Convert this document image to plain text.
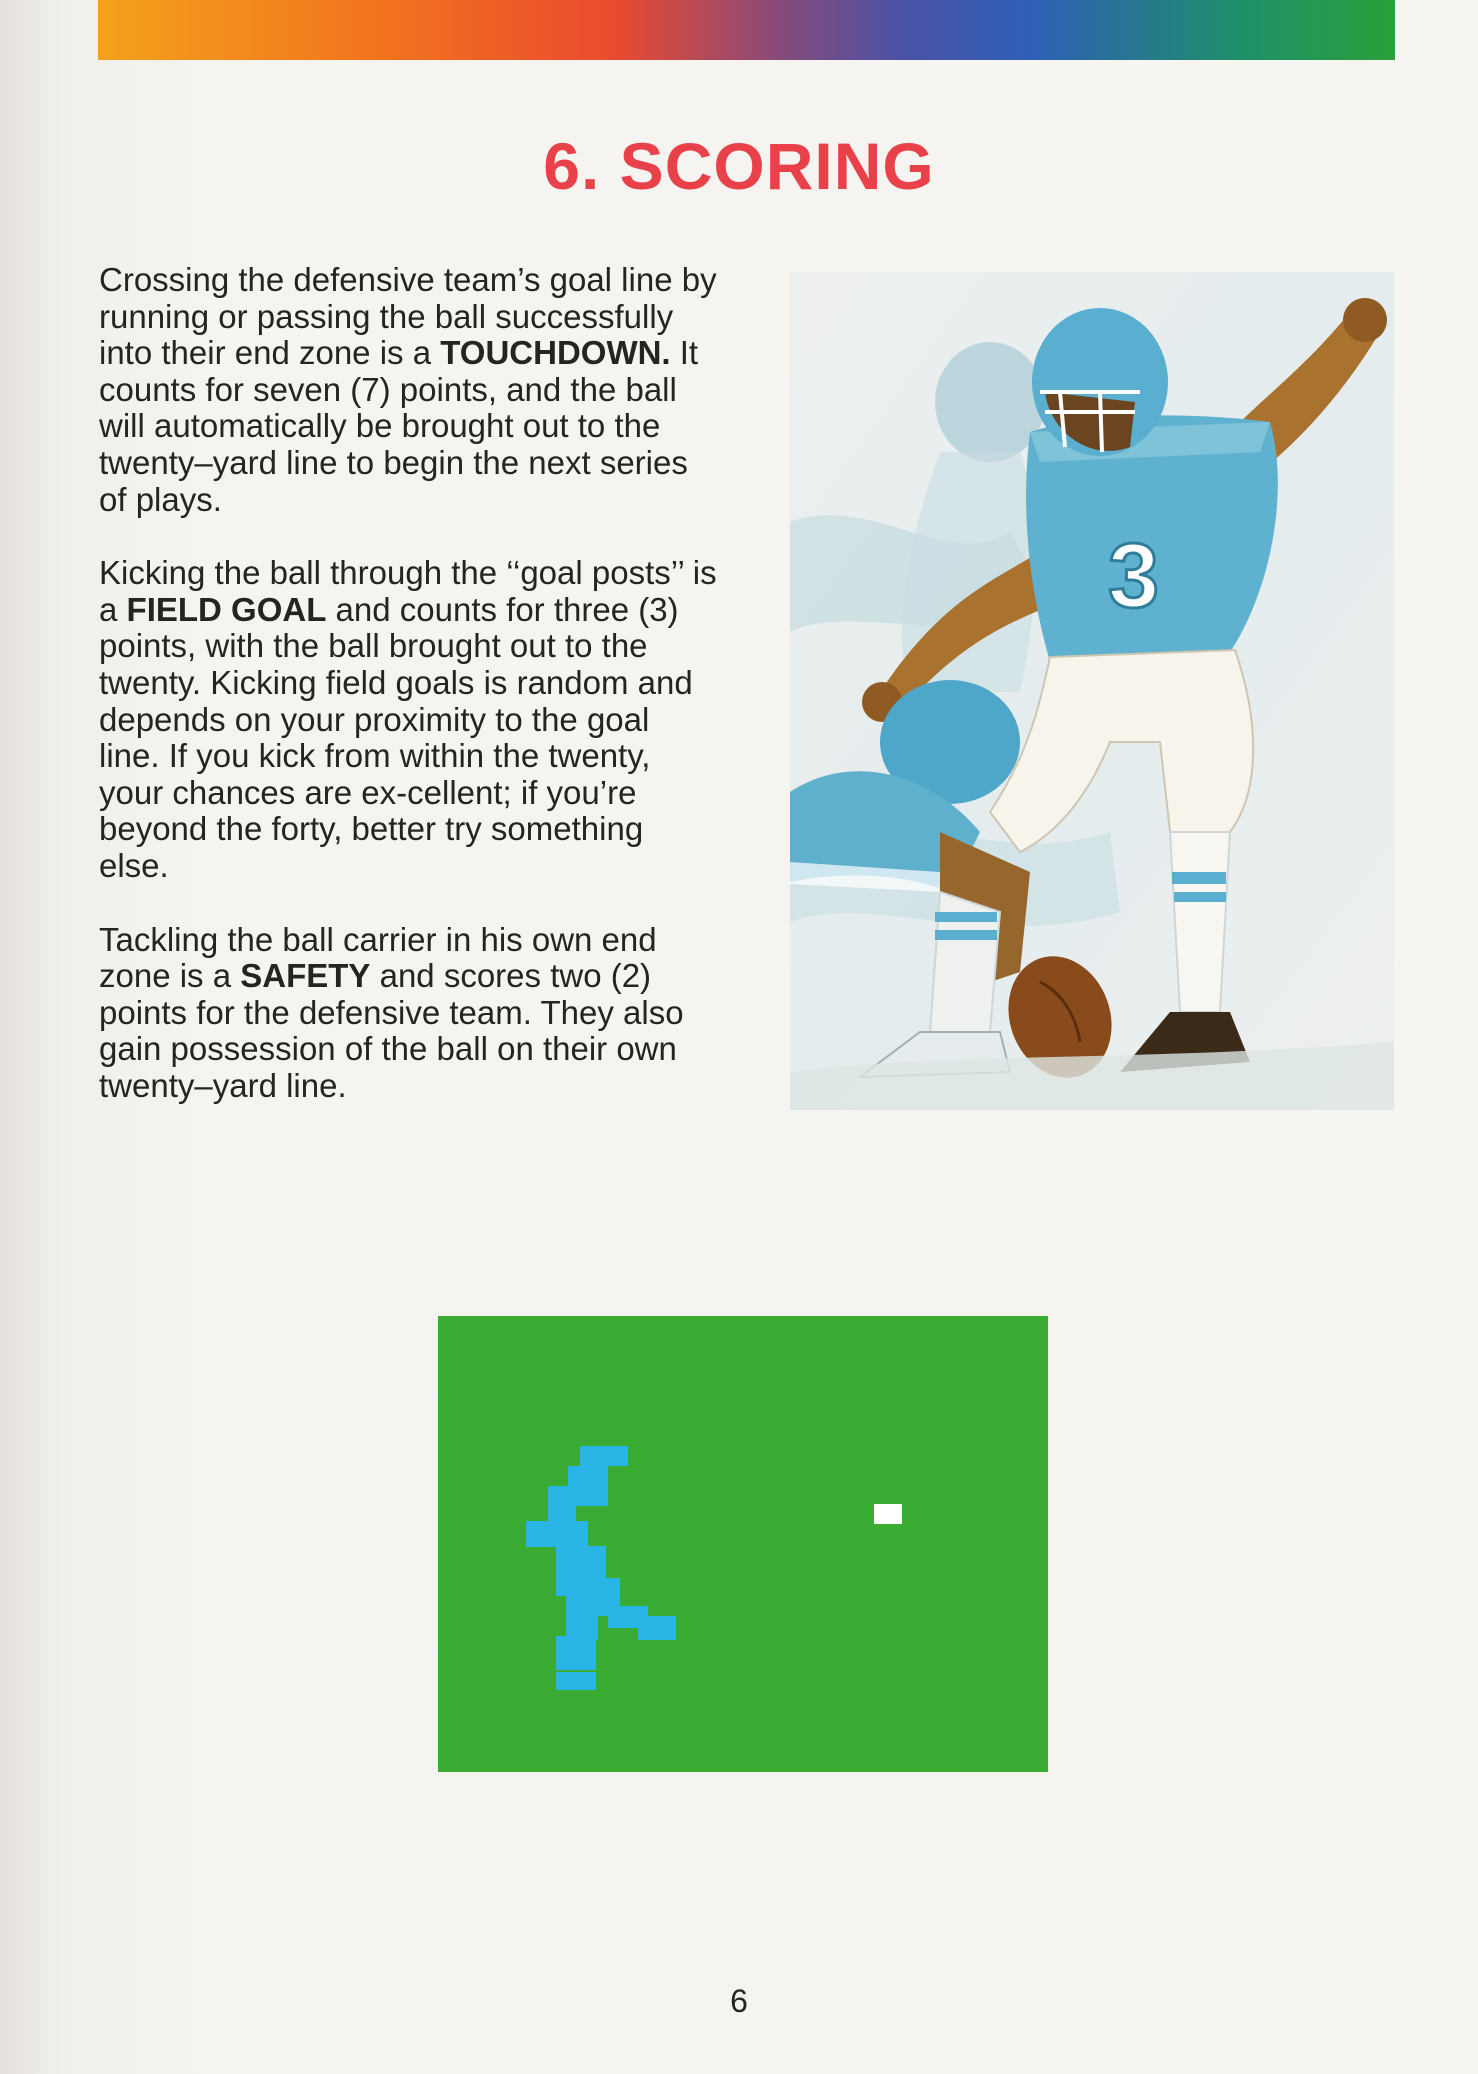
6. SCORING

Crossing the defensive team’s goal line by running or passing the ball successfully into their end zone is a TOUCHDOWN. It counts for seven (7) points, and the ball will automatically be brought out to the twenty–yard line to begin the next series of plays.

Kicking the ball through the ‘‘goal posts’’ is a FIELD GOAL and counts for three (3) points, with the ball brought out to the twenty. Kicking field goals is random and depends on your proximity to the goal line. If you kick from within the twenty, your chances are ex-cellent; if you’re beyond the forty, better try something else.

Tackling the ball carrier in his own end zone is a SAFETY and scores two (2) points for the defensive team. They also gain possession of the ball on their own twenty–yard line.

3
6
